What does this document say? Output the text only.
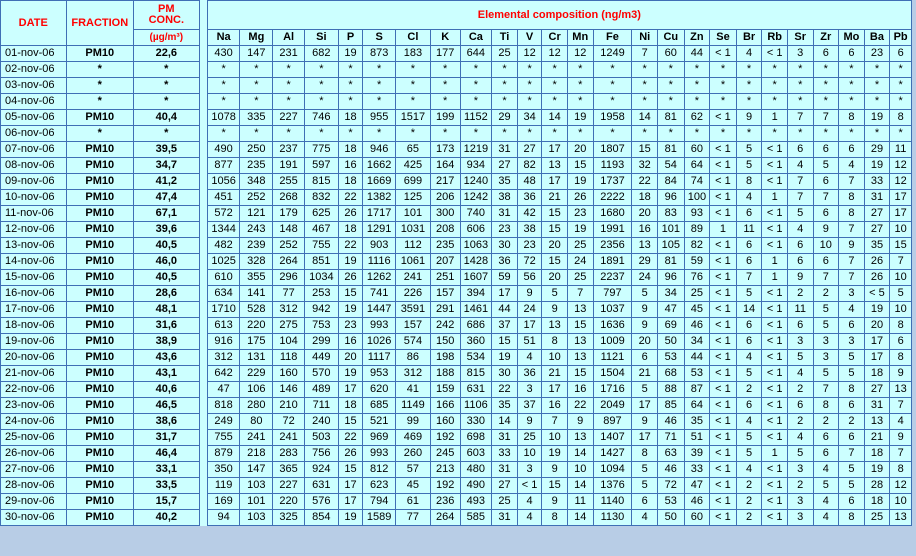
DATE	FRACTION	PM
CONC.		Elemental composition (ng/m3)																								
		(µg/m³)		Na	Mg	Al	Si	P	S	Cl	K	Ca	Ti	V	Cr	Mn	Fe	Ni	Cu	Zn	Se	Br	Rb	Sr	Zr	Mo	Ba	Pb
01-nov-06	PM10	22,6		430	147	231	682	19	873	183	177	644	25	12	12	12	1249	7	60	44	< 1	4	< 1	3	6	6	23	6
02-nov-06	*	*		*	*	*	*	*	*	*	*	*	*	*	*	*	*	*	*	*	*	*	*	*	*	*	*	*
03-nov-06	*	*		*	*	*	*	*	*	*	*	*	*	*	*	*	*	*	*	*	*	*	*	*	*	*	*	*
04-nov-06	*	*		*	*	*	*	*	*	*	*	*	*	*	*	*	*	*	*	*	*	*	*	*	*	*	*	*
05-nov-06	PM10	40,4		1078	335	227	746	18	955	1517	199	1152	29	34	14	19	1958	14	81	62	< 1	9	1	7	7	8	19	8
06-nov-06	*	*		*	*	*	*	*	*	*	*	*	*	*	*	*	*	*	*	*	*	*	*	*	*	*	*	*
07-nov-06	PM10	39,5		490	250	237	775	18	946	65	173	1219	31	27	17	20	1807	15	81	60	< 1	5	< 1	6	6	6	29	11
08-nov-06	PM10	34,7		877	235	191	597	16	1662	425	164	934	27	82	13	15	1193	32	54	64	< 1	5	< 1	4	5	4	19	12
09-nov-06	PM10	41,2		1056	348	255	815	18	1669	699	217	1240	35	48	17	19	1737	22	84	74	< 1	8	< 1	7	6	7	33	12
10-nov-06	PM10	47,4		451	252	268	832	22	1382	125	206	1242	38	36	21	26	2222	18	96	100	< 1	4	1	7	7	8	31	17
11-nov-06	PM10	67,1		572	121	179	625	26	1717	101	300	740	31	42	15	23	1680	20	83	93	< 1	6	< 1	5	6	8	27	17
12-nov-06	PM10	39,6		1344	243	148	467	18	1291	1031	208	606	23	38	15	19	1991	16	101	89	1	11	< 1	4	9	7	27	10
13-nov-06	PM10	40,5		482	239	252	755	22	903	112	235	1063	30	23	20	25	2356	13	105	82	< 1	6	< 1	6	10	9	35	15
14-nov-06	PM10	46,0		1025	328	264	851	19	1116	1061	207	1428	36	72	15	24	1891	29	81	59	< 1	6	1	6	6	7	26	7
15-nov-06	PM10	40,5		610	355	296	1034	26	1262	241	251	1607	59	56	20	25	2237	24	96	76	< 1	7	1	9	7	7	26	10
16-nov-06	PM10	28,6		634	141	77	253	15	741	226	157	394	17	9	5	7	797	5	34	25	< 1	5	< 1	2	2	3	< 5	5
17-nov-06	PM10	48,1		1710	528	312	942	19	1447	3591	291	1461	44	24	9	13	1037	9	47	45	< 1	14	< 1	11	5	4	19	10
18-nov-06	PM10	31,6		613	220	275	753	23	993	157	242	686	37	17	13	15	1636	9	69	46	< 1	6	< 1	6	5	6	20	8
19-nov-06	PM10	38,9		916	175	104	299	16	1026	574	150	360	15	51	8	13	1009	20	50	34	< 1	6	< 1	3	3	3	17	6
20-nov-06	PM10	43,6		312	131	118	449	20	1117	86	198	534	19	4	10	13	1121	6	53	44	< 1	4	< 1	5	3	5	17	8
21-nov-06	PM10	43,1		642	229	160	570	19	953	312	188	815	30	36	21	15	1504	21	68	53	< 1	5	< 1	4	5	5	18	9
22-nov-06	PM10	40,6		47	106	146	489	17	620	41	159	631	22	3	17	16	1716	5	88	87	< 1	2	< 1	2	7	8	27	13
23-nov-06	PM10	46,5		818	280	210	711	18	685	1149	166	1106	35	37	16	22	2049	17	85	64	< 1	6	< 1	6	8	6	31	7
24-nov-06	PM10	38,6		249	80	72	240	15	521	99	160	330	14	9	7	9	897	9	46	35	< 1	4	< 1	2	2	2	13	4
25-nov-06	PM10	31,7		755	241	241	503	22	969	469	192	698	31	25	10	13	1407	17	71	51	< 1	5	< 1	4	6	6	21	9
26-nov-06	PM10	46,4		879	218	283	756	26	993	260	245	603	33	10	19	14	1427	8	63	39	< 1	5	1	5	6	7	18	7
27-nov-06	PM10	33,1		350	147	365	924	15	812	57	213	480	31	3	9	10	1094	5	46	33	< 1	4	< 1	3	4	5	19	8
28-nov-06	PM10	33,5		119	103	227	631	17	623	45	192	490	27	< 1	15	14	1376	5	72	47	< 1	2	< 1	2	5	5	28	12
29-nov-06	PM10	15,7		169	101	220	576	17	794	61	236	493	25	4	9	11	1140	6	53	46	< 1	2	< 1	3	4	6	18	10
30-nov-06	PM10	40,2		94	103	325	854	19	1589	77	264	585	31	4	8	14	1130	4	50	60	< 1	2	< 1	3	4	8	25	13
